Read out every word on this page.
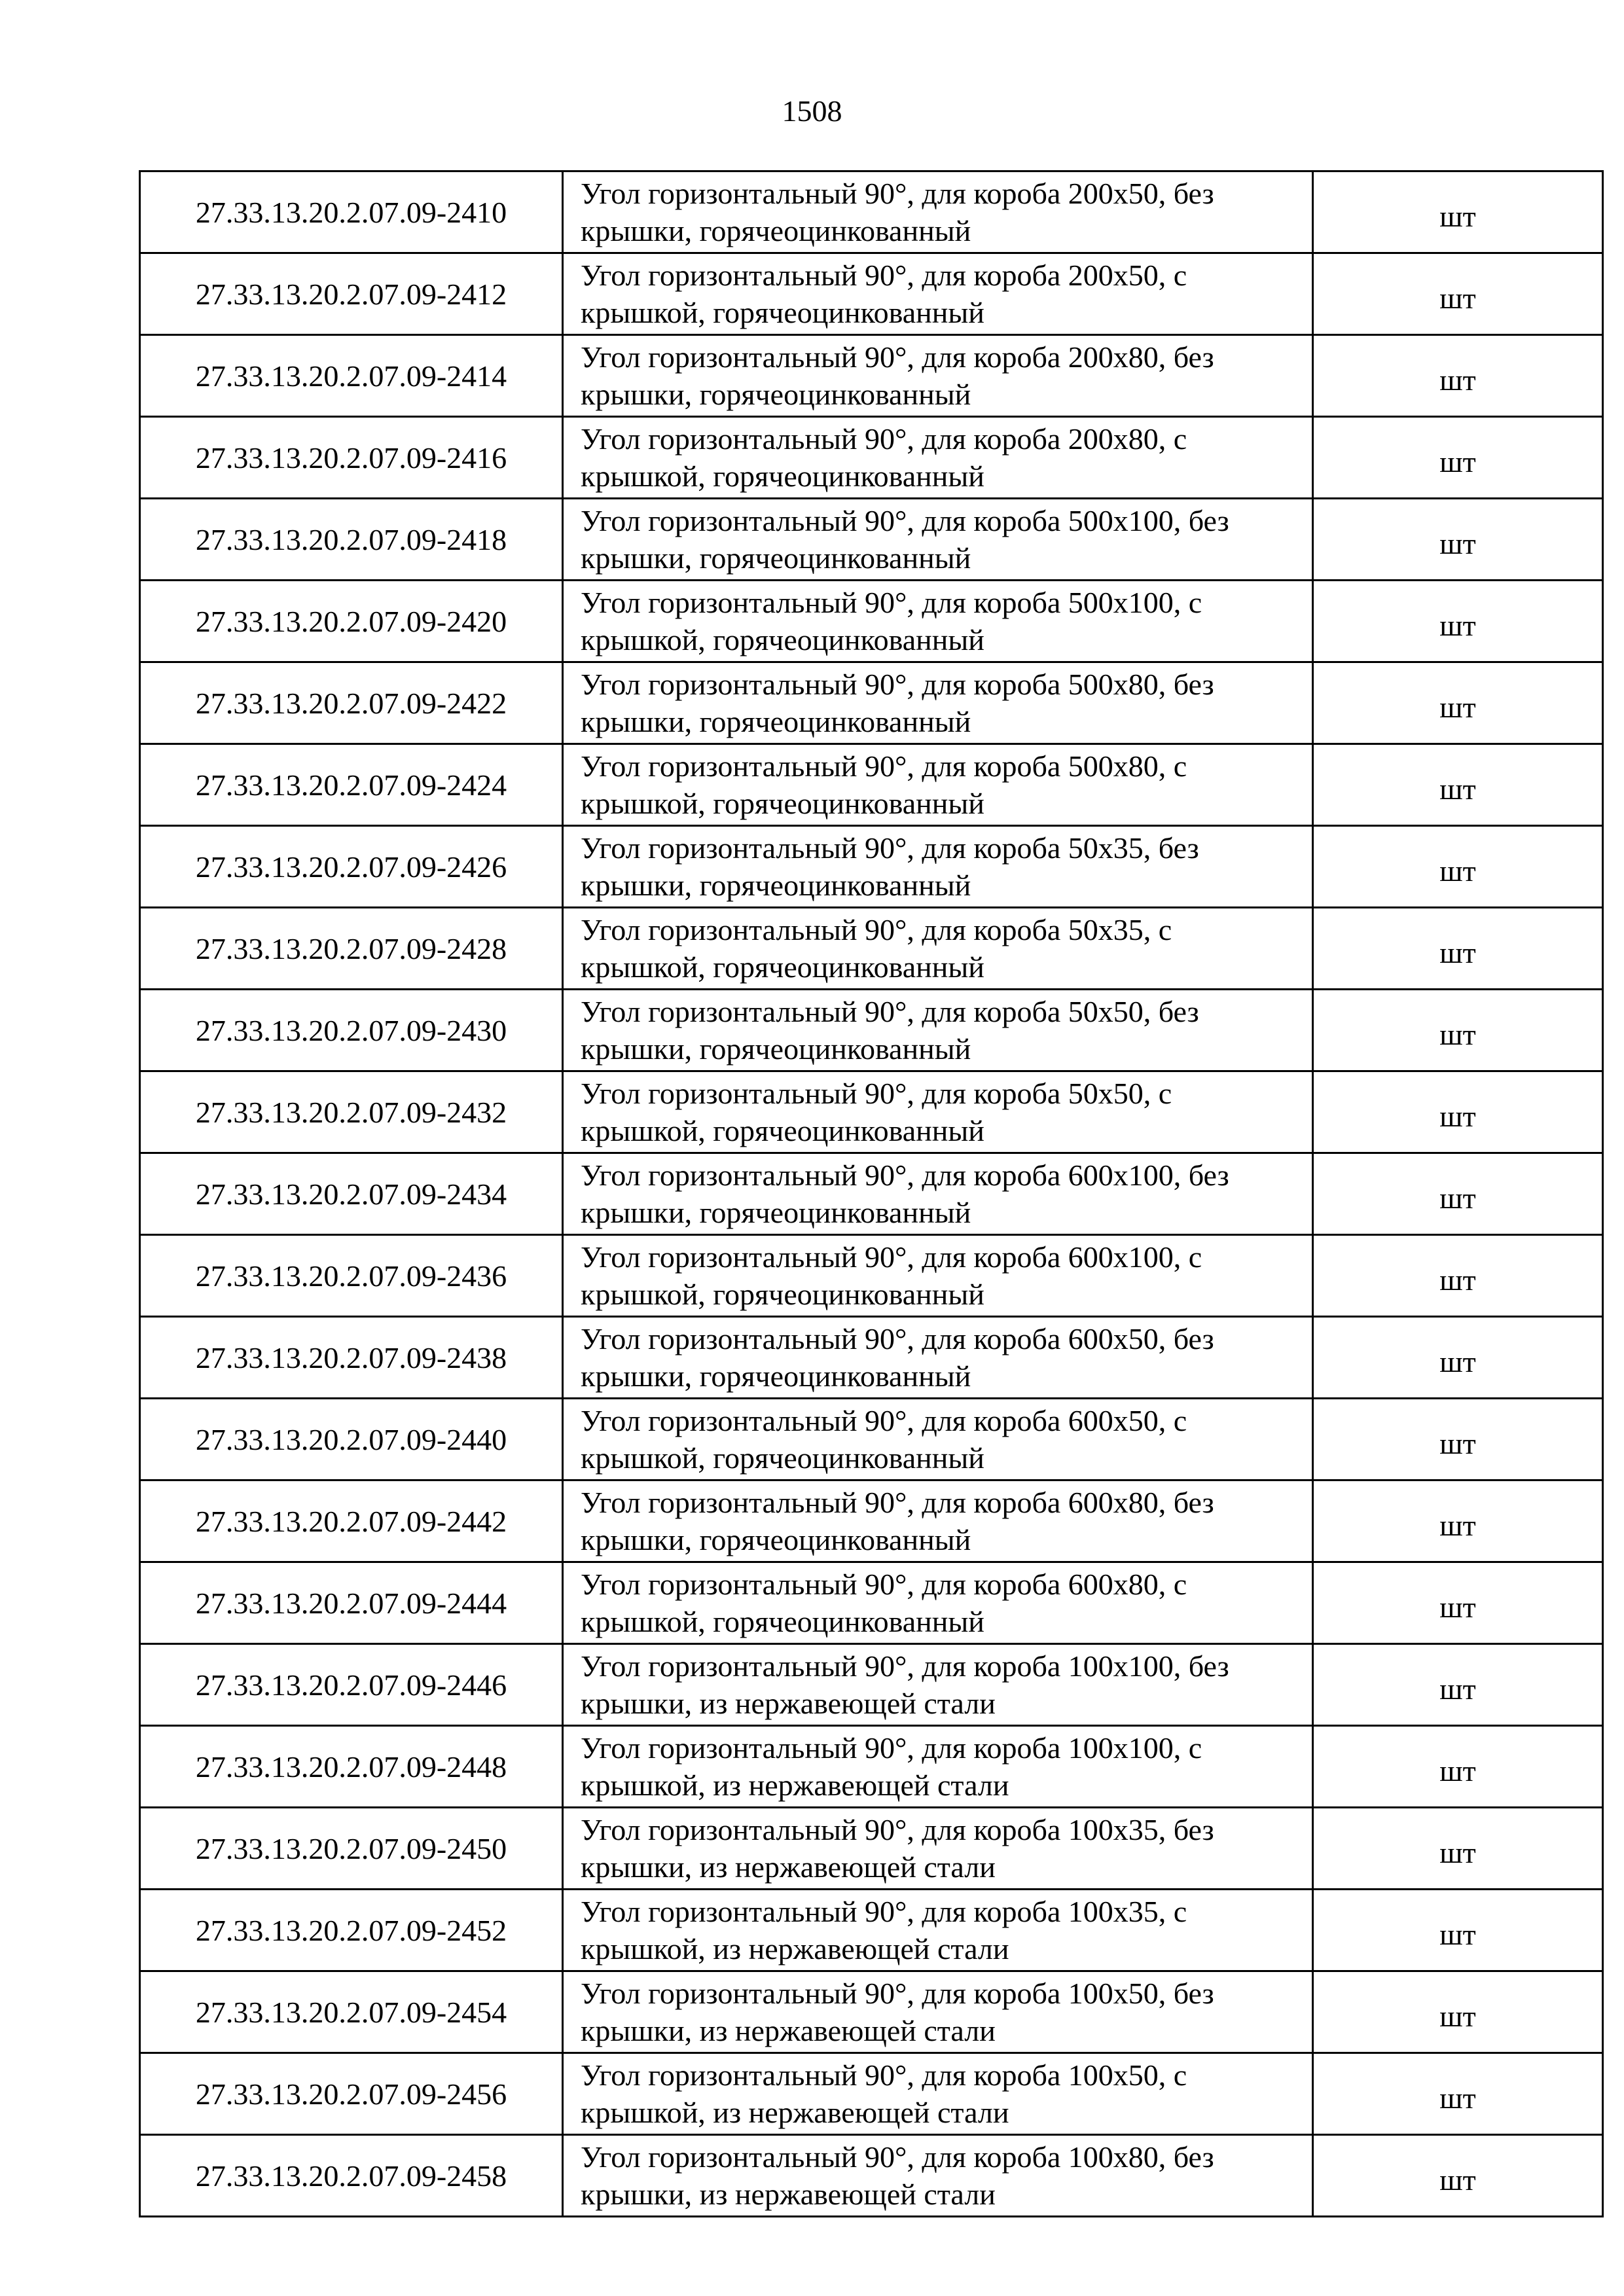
1508
27.33.13.20.2.07.09-2410	Угол горизонтальный 90°, для короба 200x50, без
крышки, горячеоцинкованный	шт
27.33.13.20.2.07.09-2412	Угол горизонтальный 90°, для короба 200x50, с
крышкой, горячеоцинкованный	шт
27.33.13.20.2.07.09-2414	Угол горизонтальный 90°, для короба 200x80, без
крышки, горячеоцинкованный	шт
27.33.13.20.2.07.09-2416	Угол горизонтальный 90°, для короба 200x80, с
крышкой, горячеоцинкованный	шт
27.33.13.20.2.07.09-2418	Угол горизонтальный 90°, для короба 500x100, без
крышки, горячеоцинкованный	шт
27.33.13.20.2.07.09-2420	Угол горизонтальный 90°, для короба 500x100, с
крышкой, горячеоцинкованный	шт
27.33.13.20.2.07.09-2422	Угол горизонтальный 90°, для короба 500x80, без
крышки, горячеоцинкованный	шт
27.33.13.20.2.07.09-2424	Угол горизонтальный 90°, для короба 500x80, с
крышкой, горячеоцинкованный	шт
27.33.13.20.2.07.09-2426	Угол горизонтальный 90°, для короба 50x35, без
крышки, горячеоцинкованный	шт
27.33.13.20.2.07.09-2428	Угол горизонтальный 90°, для короба 50x35, с
крышкой, горячеоцинкованный	шт
27.33.13.20.2.07.09-2430	Угол горизонтальный 90°, для короба 50x50, без
крышки, горячеоцинкованный	шт
27.33.13.20.2.07.09-2432	Угол горизонтальный 90°, для короба 50x50, с
крышкой, горячеоцинкованный	шт
27.33.13.20.2.07.09-2434	Угол горизонтальный 90°, для короба 600x100, без
крышки, горячеоцинкованный	шт
27.33.13.20.2.07.09-2436	Угол горизонтальный 90°, для короба 600x100, с
крышкой, горячеоцинкованный	шт
27.33.13.20.2.07.09-2438	Угол горизонтальный 90°, для короба 600x50, без
крышки, горячеоцинкованный	шт
27.33.13.20.2.07.09-2440	Угол горизонтальный 90°, для короба 600x50, с
крышкой, горячеоцинкованный	шт
27.33.13.20.2.07.09-2442	Угол горизонтальный 90°, для короба 600x80, без
крышки, горячеоцинкованный	шт
27.33.13.20.2.07.09-2444	Угол горизонтальный 90°, для короба 600x80, с
крышкой, горячеоцинкованный	шт
27.33.13.20.2.07.09-2446	Угол горизонтальный 90°, для короба 100x100, без
крышки, из нержавеющей стали	шт
27.33.13.20.2.07.09-2448	Угол горизонтальный 90°, для короба 100x100, с
крышкой, из нержавеющей стали	шт
27.33.13.20.2.07.09-2450	Угол горизонтальный 90°, для короба 100x35, без
крышки, из нержавеющей стали	шт
27.33.13.20.2.07.09-2452	Угол горизонтальный 90°, для короба 100x35, с
крышкой, из нержавеющей стали	шт
27.33.13.20.2.07.09-2454	Угол горизонтальный 90°, для короба 100x50, без
крышки, из нержавеющей стали	шт
27.33.13.20.2.07.09-2456	Угол горизонтальный 90°, для короба 100x50, с
крышкой, из нержавеющей стали	шт
27.33.13.20.2.07.09-2458	Угол горизонтальный 90°, для короба 100x80, без
крышки, из нержавеющей стали	шт
